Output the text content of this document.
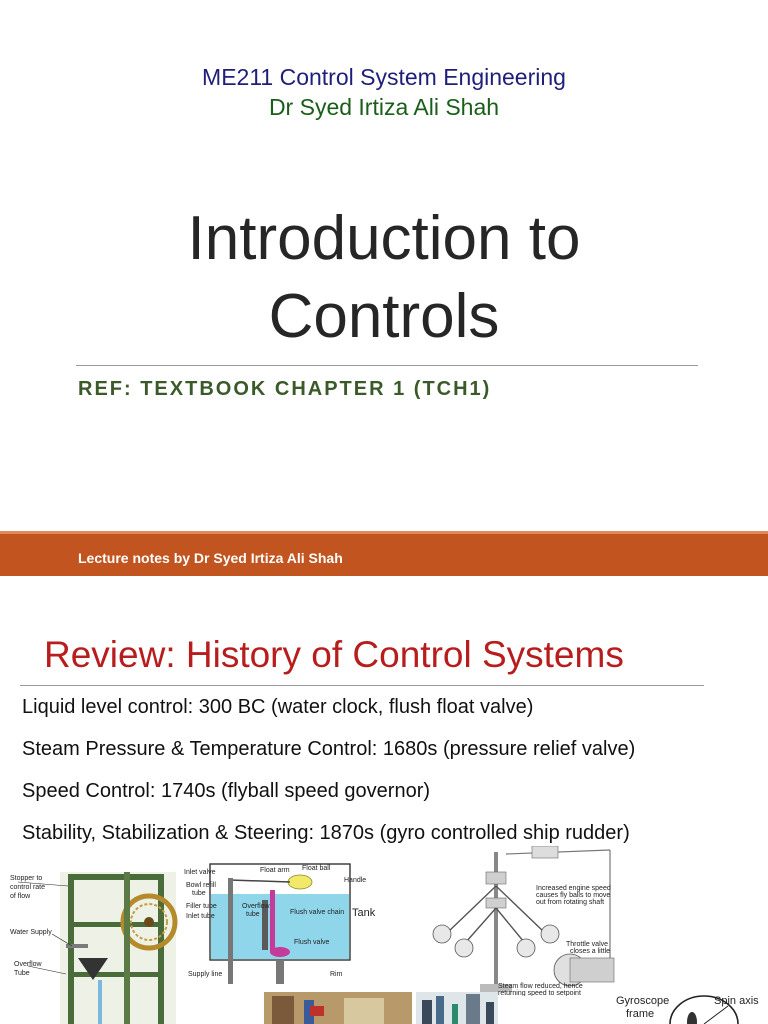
ME211 Control System Engineering
Dr Syed Irtiza Ali Shah
Introduction to
Controls
REF: TEXTBOOK CHAPTER 1 (TCH1)
Lecture notes by Dr Syed Irtiza Ali Shah
Review: History of Control Systems
Liquid level control: 300 BC (water clock, flush float valve)
Steam Pressure & Temperature Control: 1680s (pressure relief valve)
Speed Control: 1740s (flyball speed governor)
Stability, Stabilization & Steering: 1870s (gyro controlled ship rudder)
Stopper to
control rate
of flow
Water Supply
Overflow
Tube
Inlet valve
Bowl refill
tube
Filler tube
Inlet tube
Float arm Float ball
Handle
Overflow
tube	Flush valve chain
Flush valve
Tank
Supply line	Rim
Increased engine speed
causes fly balls to move
out from rotating shaft
Throttle valve
closes a little
Steam flow reduced, hence
returning speed to setpoint
Gyroscope
frame
Spin axis
